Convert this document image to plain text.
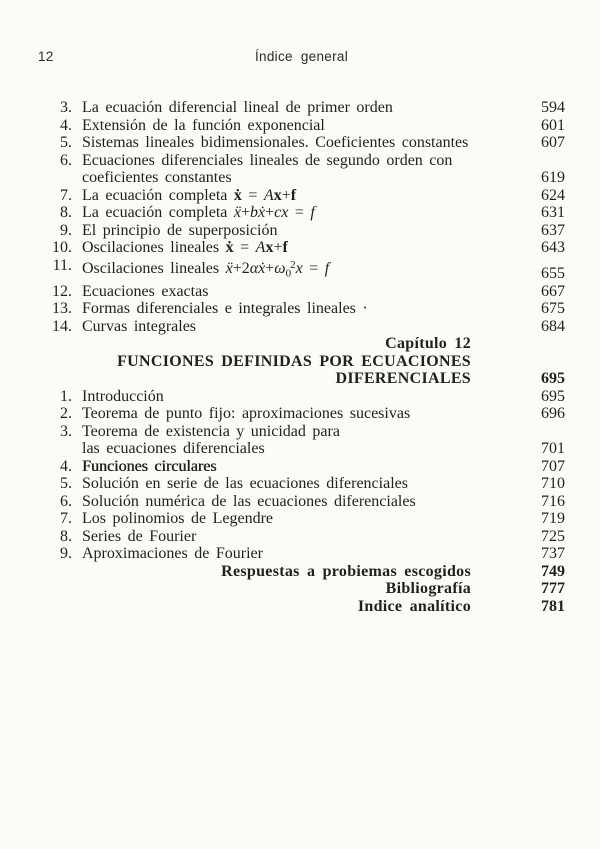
12	Índice general
3. La ecuación diferencial lineal de primer orden	594
4. Extensión de la función exponencial	601
5. Sistemas lineales bidimensionales. Coeficientes constantes	607
6. Ecuaciones diferenciales lineales de segundo orden con
coeficientes constantes	619
7. La ecuación completa ẋ = Ax+f	624
8. La ecuación completa ẍ+bẋ+cx = f	631
9. El principio de superposición	637
10. Oscilaciones lineales ẋ = Ax+f	643
11. Oscilaciones lineales $ẍ+2\alpha ẋ+\omega_0^2x = f$	655
12. Ecuaciones exactas	667
13. Formas diferenciales e integrales lineales ·	675
14. Curvas integrales	684
Capítulo 12
FUNCIONES DEFINIDAS POR ECUACIONES
DIFERENCIALES	695
1. Introducción	695
2. Teorema de punto fijo: aproximaciones sucesivas	696
3. Teorema de existencia y unicidad para
las ecuaciones diferenciales	701
4. Funciones circulares	707
5. Solución en serie de las ecuaciones diferenciales	710
6. Solución numérica de las ecuaciones diferenciales	716
7. Los polinomios de Legendre	719
8. Series de Fourier	725
9. Aproximaciones de Fourier	737
Respuestas a probiemas escogidos	749
Bibliografía	777
Indice analítico	781
